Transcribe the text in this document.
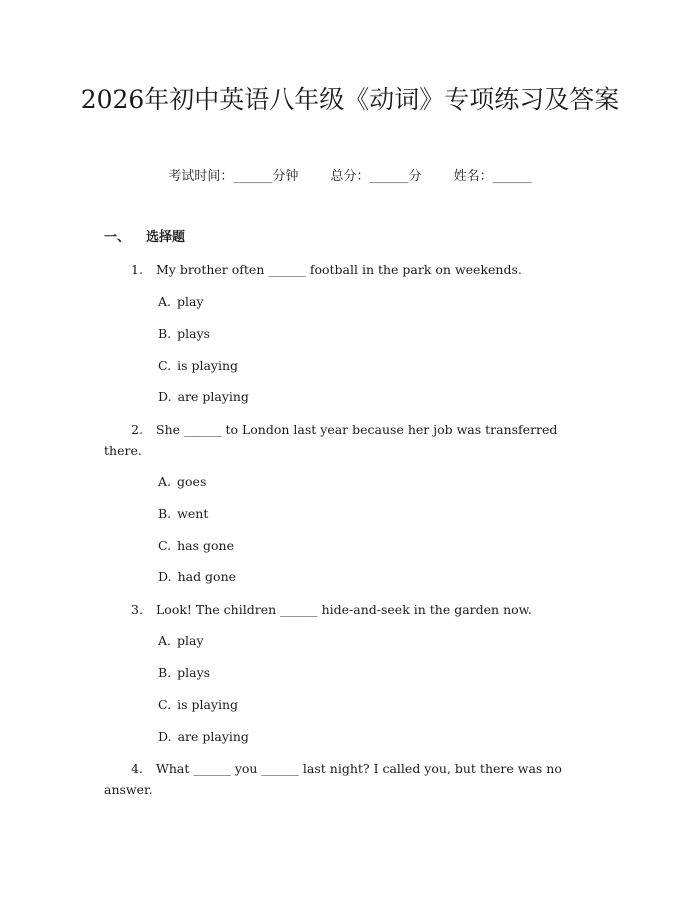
2026年初中英语八年级《动词》专项练习及答案
考试时间：______分钟 总分：______分 姓名：______
一、 选择题
1. My brother often ______ football in the park on weekends.
A. play
B. plays
C. is playing
D. are playing
2. She ______ to London last year because her job was transferred there.
A. goes
B. went
C. has gone
D. had gone
3. Look! The children ______ hide-and-seek in the garden now.
A. play
B. plays
C. is playing
D. are playing
4. What ______ you ______ last night? I called you, but there was no answer.
